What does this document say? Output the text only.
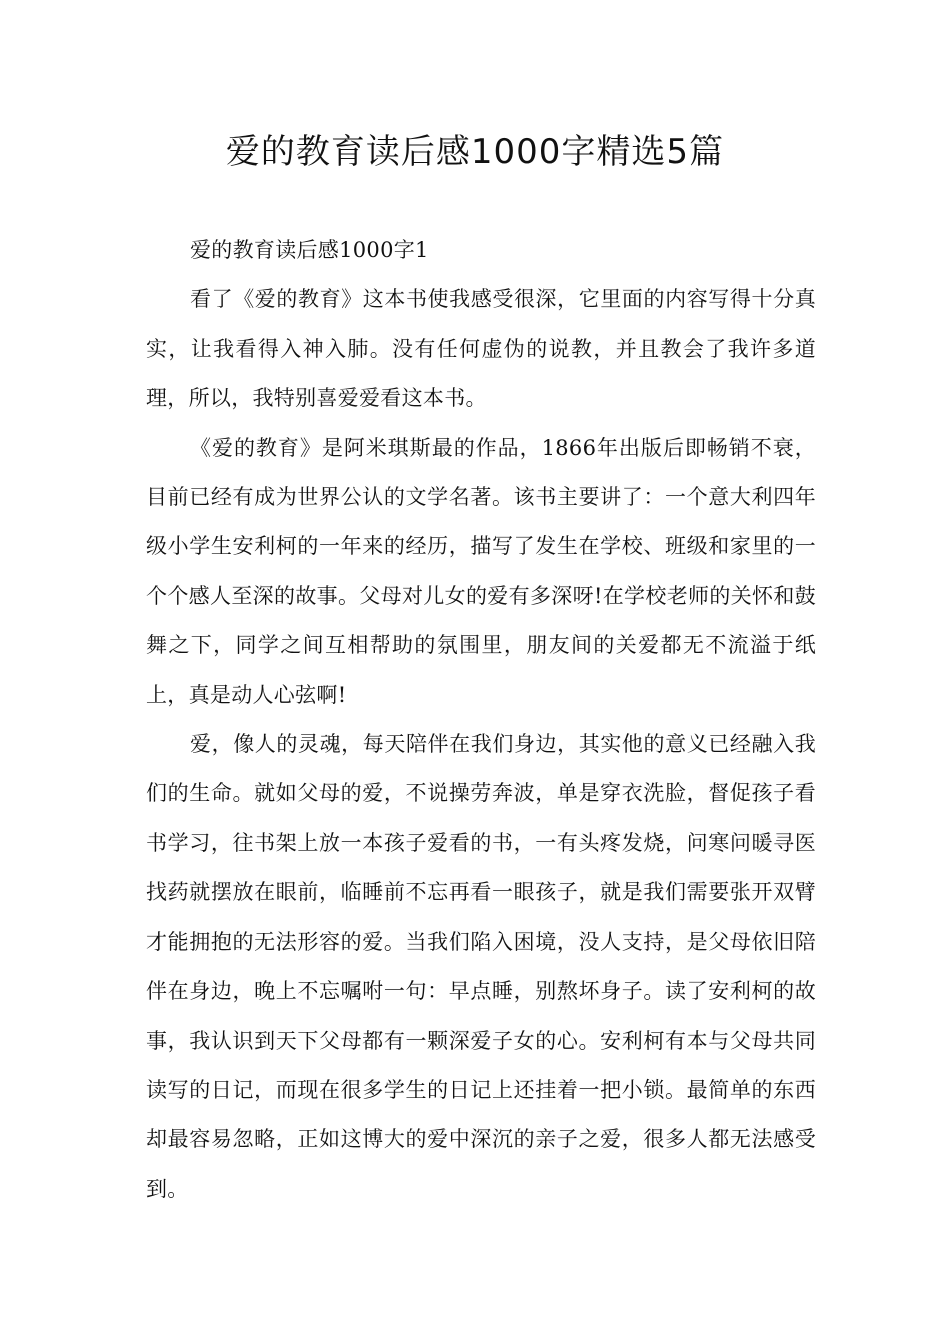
爱的教育读后感1000字精选5篇

爱的教育读后感1000字1

看了《爱的教育》这本书使我感受很深，它里面的内容写得十分真实，让我看得入神入肺。没有任何虚伪的说教，并且教会了我许多道理，所以，我特别喜爱爱看这本书。

《爱的教育》是阿米琪斯最的作品，1866年出版后即畅销不衰，目前已经有成为世界公认的文学名著。该书主要讲了：一个意大利四年级小学生安利柯的一年来的经历，描写了发生在学校、班级和家里的一个个感人至深的故事。父母对儿女的爱有多深呀!在学校老师的关怀和鼓舞之下，同学之间互相帮助的氛围里，朋友间的关爱都无不流溢于纸上，真是动人心弦啊!

爱，像人的灵魂，每天陪伴在我们身边，其实他的意义已经融入我们的生命。就如父母的爱，不说操劳奔波，单是穿衣洗脸，督促孩子看书学习，往书架上放一本孩子爱看的书，一有头疼发烧，问寒问暖寻医找药就摆放在眼前，临睡前不忘再看一眼孩子，就是我们需要张开双臂才能拥抱的无法形容的爱。当我们陷入困境，没人支持，是父母依旧陪伴在身边，晚上不忘嘱咐一句：早点睡，别熬坏身子。读了安利柯的故事，我认识到天下父母都有一颗深爱子女的心。安利柯有本与父母共同读写的日记，而现在很多学生的日记上还挂着一把小锁。最简单的东西却最容易忽略，正如这博大的爱中深沉的亲子之爱，很多人都无法感受到。
